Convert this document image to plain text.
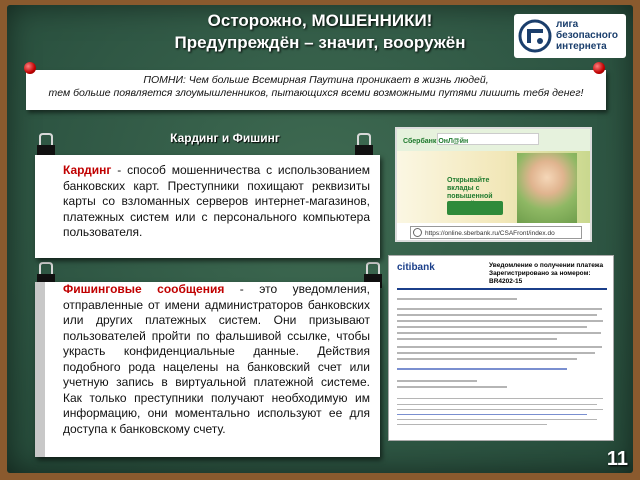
Осторожно, МОШЕННИКИ!
Предупреждён – значит, вооружён
лига
безопасного
интернета
ПОМНИ: Чем больше Всемирная Паутина проникает в жизнь людей,
тем больше появляется злоумышленников, пытающихся всеми возможными путями лишить тебя денег!
Кардинг и Фишинг
Кардинг - способ мошенничества с использованием банковских карт. Преступники похищают реквизиты карты со взломанных серверов интернет-магазинов, платежных систем или с персонального компьютера пользователя.
Фишинговые сообщения - это уведомления, отправленные от имени администраторов банковских или других платежных систем. Они призывают пользователей пройти по фальшивой ссылке, чтобы украсть конфиденциальные данные. Действия подобного рода нацелены на банковский счет или учетную запись в виртуальной платежной системе. Как только преступники получают необходимую им информацию, они моментально используют ее для доступа к банковскому счету.
Сбербанк ОнЛ@йн
Открывайте вклады с повышенной
https://online.sberbank.ru/CSAFront/index.do
citibank	Уведомление о получении платежа Зарегистрировано за номером: BR4202-15
11
